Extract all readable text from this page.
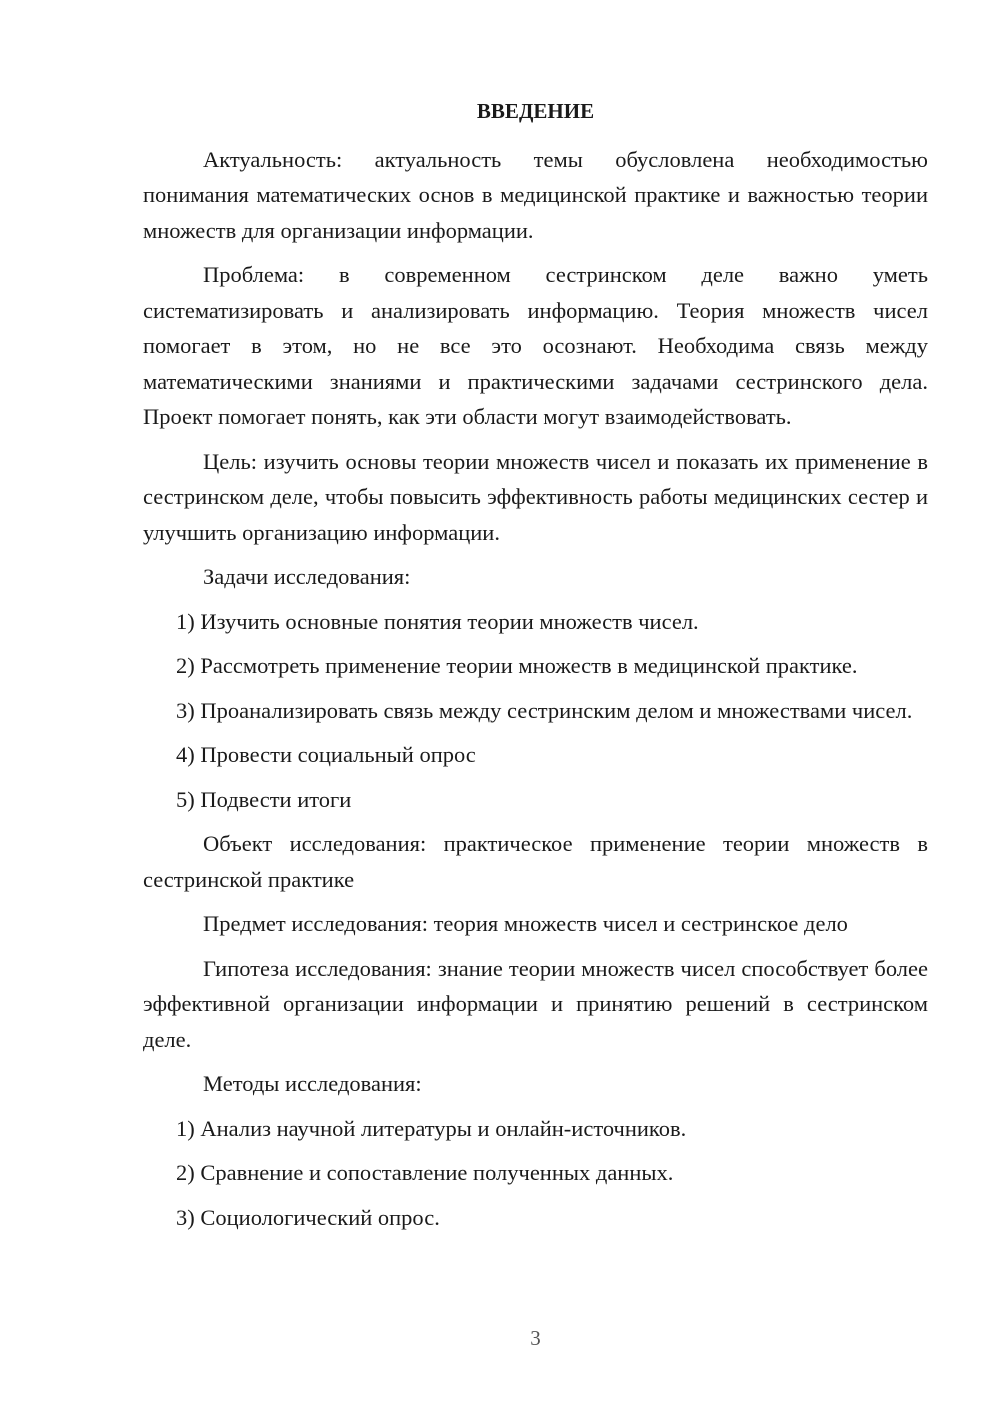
ВВЕДЕНИЕ

Актуальность: актуальность темы обусловлена необходимостью понимания математических основ в медицинской практике и важностью теории множеств для организации информации.

Проблема: в современном сестринском деле важно уметь систематизировать и анализировать информацию. Теория множеств чисел помогает в этом, но не все это осознают. Необходима связь между математическими знаниями и практическими задачами сестринского дела. Проект помогает понять, как эти области могут взаимодействовать.

Цель: изучить основы теории множеств чисел и показать их применение в сестринском деле, чтобы повысить эффективность работы медицинских сестер и улучшить организацию информации.

Задачи исследования:

1) Изучить основные понятия теории множеств чисел.

2) Рассмотреть применение теории множеств в медицинской практике.

3) Проанализировать связь между сестринским делом и множествами чисел.

4) Провести социальный опрос

5) Подвести итоги

Объект исследования: практическое применение теории множеств в сестринской практике

Предмет исследования: теория множеств чисел и сестринское дело

Гипотеза исследования: знание теории множеств чисел способствует более эффективной организации информации и принятию решений в сестринском деле.

Методы исследования:

1) Анализ научной литературы и онлайн-источников.

2) Сравнение и сопоставление полученных данных.

3) Социологический опрос.

3
